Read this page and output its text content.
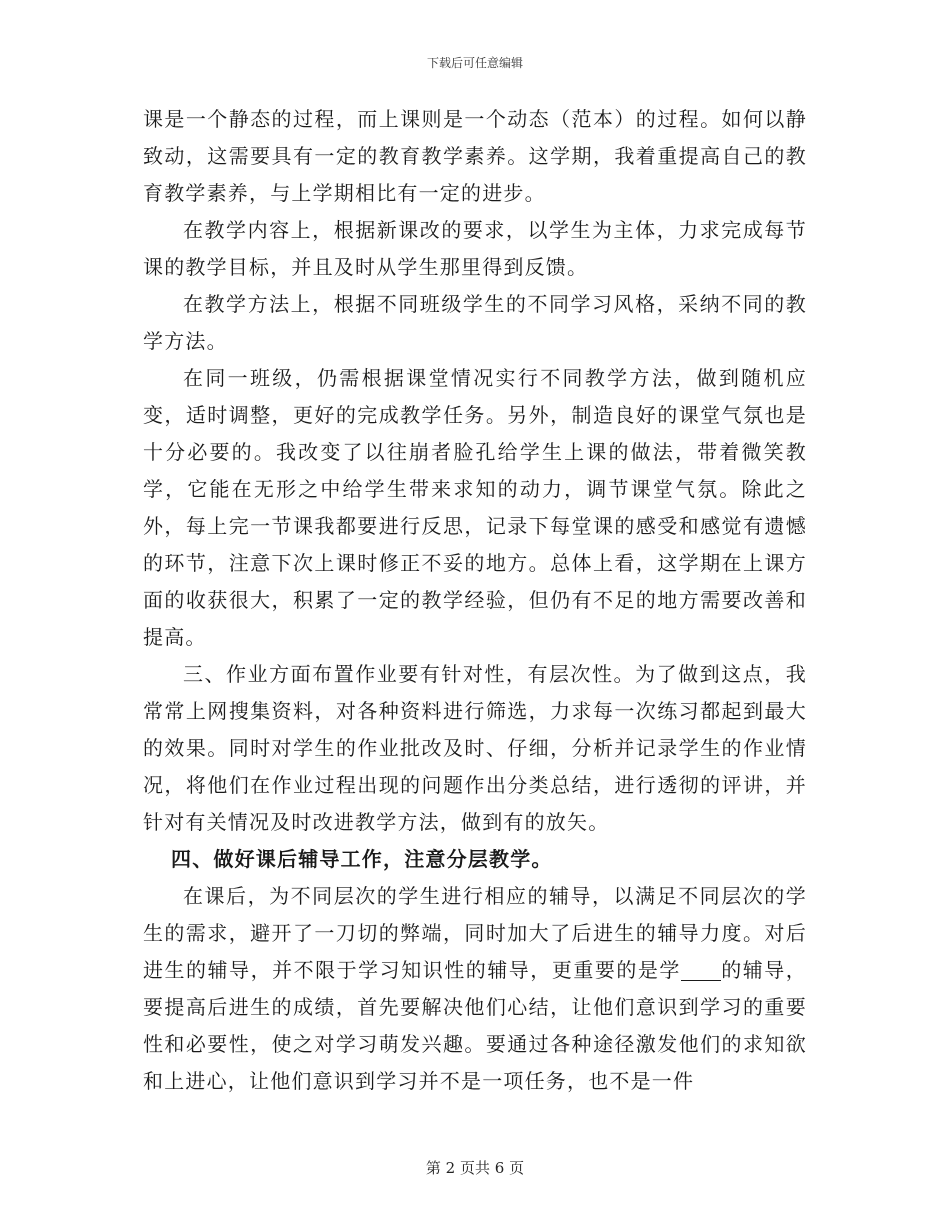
下载后可任意编辑

课是一个静态的过程，而上课则是一个动态（范本）的过程。如何以静致动，这需要具有一定的教育教学素养。这学期，我着重提高自己的教育教学素养，与上学期相比有一定的进步。

在教学内容上，根据新课改的要求，以学生为主体，力求完成每节课的教学目标，并且及时从学生那里得到反馈。

在教学方法上，根据不同班级学生的不同学习风格，采纳不同的教学方法。

在同一班级，仍需根据课堂情况实行不同教学方法，做到随机应变，适时调整，更好的完成教学任务。另外，制造良好的课堂气氛也是十分必要的。我改变了以往崩者脸孔给学生上课的做法，带着微笑教学，它能在无形之中给学生带来求知的动力，调节课堂气氛。除此之外，每上完一节课我都要进行反思，记录下每堂课的感受和感觉有遗憾的环节，注意下次上课时修正不妥的地方。总体上看，这学期在上课方面的收获很大，积累了一定的教学经验，但仍有不足的地方需要改善和提高。

三、作业方面布置作业要有针对性，有层次性。为了做到这点，我常常上网搜集资料，对各种资料进行筛选，力求每一次练习都起到最大的效果。同时对学生的作业批改及时、仔细，分析并记录学生的作业情况，将他们在作业过程出现的问题作出分类总结，进行透彻的评讲，并针对有关情况及时改进教学方法，做到有的放矢。

四、做好课后辅导工作，注意分层教学。

在课后，为不同层次的学生进行相应的辅导，以满足不同层次的学生的需求，避开了一刀切的弊端，同时加大了后进生的辅导力度。对后进生的辅导，并不限于学习知识性的辅导，更重要的是学 的辅导，要提高后进生的成绩，首先要解决他们心结，让他们意识到学习的重要性和必要性，使之对学习萌发兴趣。要通过各种途径激发他们的求知欲和上进心，让他们意识到学习并不是一项任务，也不是一件

第 2 页共 6 页
